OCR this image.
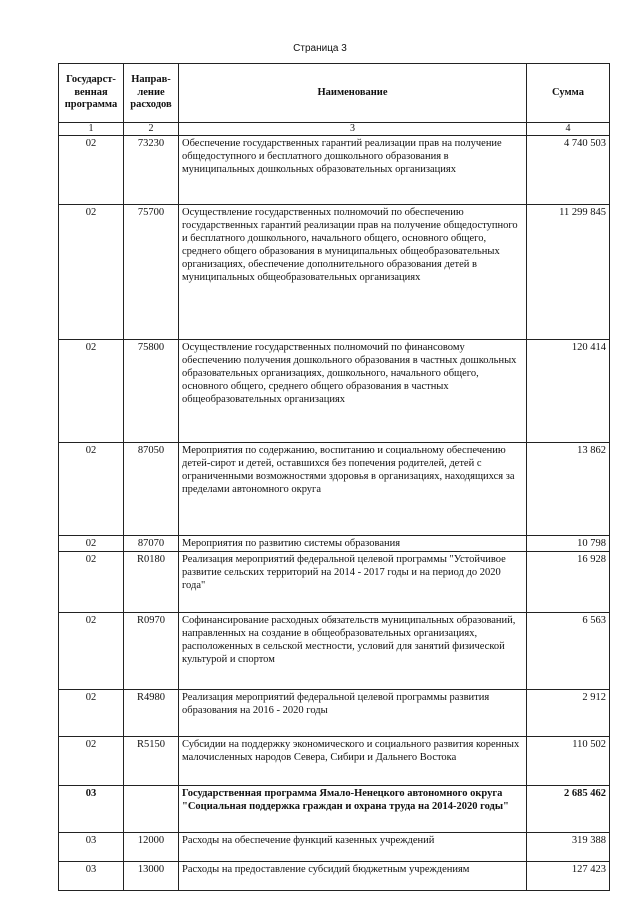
Страница 3
Государст-венная программа	Направ-ление расходов	Наименование	Сумма
1	2	3	4
02	73230	Обеспечение государственных гарантий реализации прав на получение общедоступного и бесплатного дошкольного образования в муниципальных дошкольных образовательных организациях	4 740 503
02	75700	Осуществление государственных полномочий по обеспечению государственных гарантий реализации прав на получение общедоступного и бесплатного дошкольного, начального общего, основного общего, среднего общего образования в муниципальных общеобразовательных организациях, обеспечение дополнительного образования детей в муниципальных общеобразовательных организациях	11 299 845
02	75800	Осуществление государственных полномочий по финансовому обеспечению получения дошкольного образования в частных дошкольных образовательных организациях, дошкольного, начального общего, основного общего, среднего общего образования в частных общеобразовательных организациях	120 414
02	87050	Мероприятия по содержанию, воспитанию и социальному обеспечению детей-сирот и детей, оставшихся без попечения родителей, детей с ограниченными возможностями здоровья в организациях, находящихся за пределами автономного округа	13 862
02	87070	Мероприятия по развитию системы образования	10 798
02	R0180	Реализация мероприятий федеральной целевой программы "Устойчивое развитие сельских территорий на 2014 - 2017 годы и на период до 2020 года"	16 928
02	R0970	Софинансирование расходных обязательств муниципальных образований, направленных на создание в общеобразовательных организациях, расположенных в сельской местности, условий для занятий физической культурой и спортом	6 563
02	R4980	Реализация мероприятий федеральной целевой программы развития образования на 2016 - 2020 годы	2 912
02	R5150	Субсидии на поддержку экономического и социального развития коренных малочисленных народов Севера, Сибири и Дальнего Востока	110 502
03		Государственная программа Ямало-Ненецкого автономного округа "Социальная поддержка граждан и охрана труда на 2014-2020 годы"	2 685 462
03	12000	Расходы на обеспечение функций казенных учреждений	319 388
03	13000	Расходы на предоставление субсидий бюджетным учреждениям	127 423
